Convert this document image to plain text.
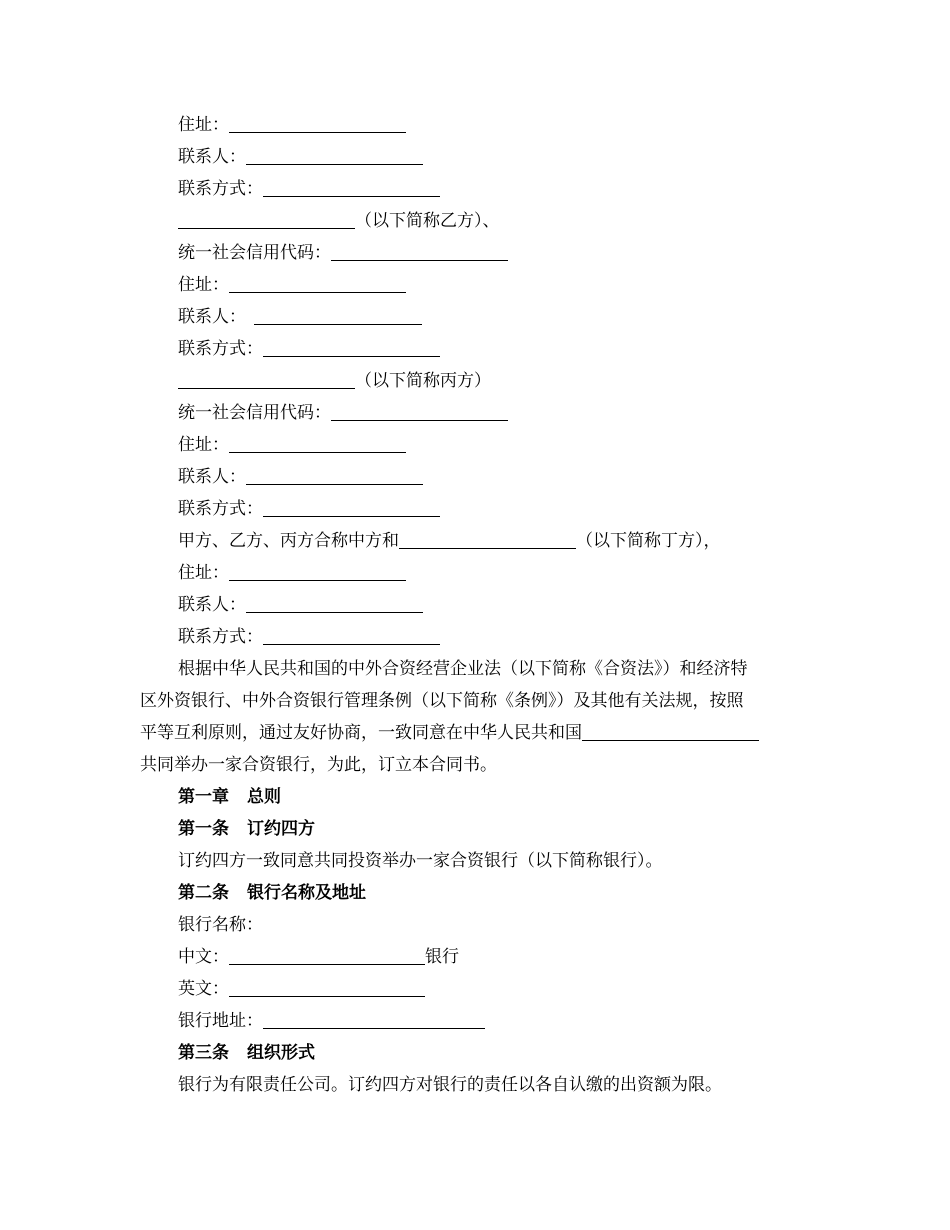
住址：
联系人：
联系方式：
（以下简称乙方）、
统一社会信用代码：
住址：
联系人：
联系方式：
（以下简称丙方）
统一社会信用代码：
住址：
联系人：
联系方式：
甲方、乙方、丙方合称中方和	（以下简称丁方），
住址：
联系人：
联系方式：
根据中华人民共和国的中外合资经营企业法（以下简称《合资法》）和经济特
区外资银行、中外合资银行管理条例（以下简称《条例》）及其他有关法规，按照
平等互利原则，通过友好协商，一致同意在中华人民共和国
共同举办一家合资银行，为此，订立本合同书。
第一章 总则
第一条 订约四方
订约四方一致同意共同投资举办一家合资银行（以下简称银行）。
第二条 银行名称及地址
银行名称：
中文：	银行
英文：
银行地址：
第三条 组织形式
银行为有限责任公司。订约四方对银行的责任以各自认缴的出资额为限。
